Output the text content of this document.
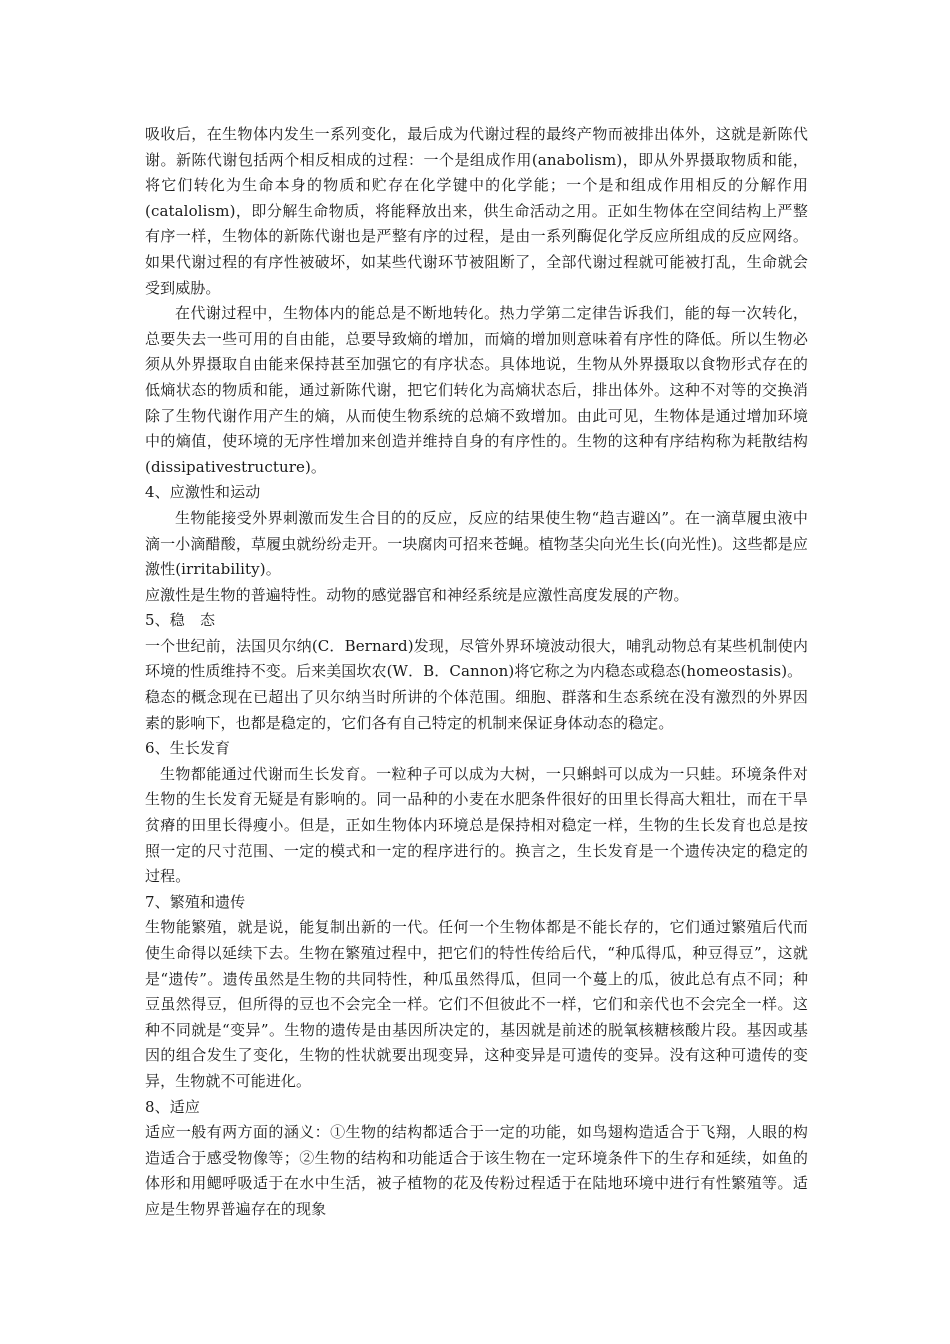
吸收后，在生物体内发生一系列变化，最后成为代谢过程的最终产物而被排出体外，这就是新陈代谢。新陈代谢包括两个相反相成的过程：一个是组成作用(anabolism)，即从外界摄取物质和能，将它们转化为生命本身的物质和贮存在化学键中的化学能；一个是和组成作用相反的分解作用(catalolism)，即分解生命物质，将能释放出来，供生命活动之用。正如生物体在空间结构上严整有序一样，生物体的新陈代谢也是严整有序的过程，是由一系列酶促化学反应所组成的反应网络。如果代谢过程的有序性被破坏，如某些代谢环节被阻断了，全部代谢过程就可能被打乱，生命就会受到威胁。

在代谢过程中，生物体内的能总是不断地转化。热力学第二定律告诉我们，能的每一次转化，总要失去一些可用的自由能，总要导致熵的增加，而熵的增加则意味着有序性的降低。所以生物必须从外界摄取自由能来保持甚至加强它的有序状态。具体地说，生物从外界摄取以食物形式存在的低熵状态的物质和能，通过新陈代谢，把它们转化为高熵状态后，排出体外。这种不对等的交换消除了生物代谢作用产生的熵，从而使生物系统的总熵不致增加。由此可见，生物体是通过增加环境中的熵值，使环境的无序性增加来创造并维持自身的有序性的。生物的这种有序结构称为耗散结构(dissipativestructure)。

4、应激性和运动

生物能接受外界刺激而发生合目的的反应，反应的结果使生物“趋吉避凶”。在一滴草履虫液中滴一小滴醋酸，草履虫就纷纷走开。一块腐肉可招来苍蝇。植物茎尖向光生长(向光性)。这些都是应激性(irritability)。

应激性是生物的普遍特性。动物的感觉器官和神经系统是应激性高度发展的产物。

5、稳　态

一个世纪前，法国贝尔纳(C．Bernard)发现，尽管外界环境波动很大，哺乳动物总有某些机制使内环境的性质维持不变。后来美国坎农(W．B．Cannon)将它称之为内稳态或稳态(homeostasis)。

稳态的概念现在已超出了贝尔纳当时所讲的个体范围。细胞、群落和生态系统在没有激烈的外界因素的影响下，也都是稳定的，它们各有自己特定的机制来保证身体动态的稳定。

6、生长发育

生物都能通过代谢而生长发育。一粒种子可以成为大树，一只蝌蚪可以成为一只蛙。环境条件对生物的生长发育无疑是有影响的。同一品种的小麦在水肥条件很好的田里长得高大粗壮，而在干旱贫瘠的田里长得瘦小。但是，正如生物体内环境总是保持相对稳定一样，生物的生长发育也总是按照一定的尺寸范围、一定的模式和一定的程序进行的。换言之，生长发育是一个遗传决定的稳定的过程。

7、繁殖和遗传

生物能繁殖，就是说，能复制出新的一代。任何一个生物体都是不能长存的，它们通过繁殖后代而使生命得以延续下去。生物在繁殖过程中，把它们的特性传给后代，“种瓜得瓜，种豆得豆”，这就是“遗传”。遗传虽然是生物的共同特性，种瓜虽然得瓜，但同一个蔓上的瓜，彼此总有点不同；种豆虽然得豆，但所得的豆也不会完全一样。它们不但彼此不一样，它们和亲代也不会完全一样。这种不同就是“变异”。生物的遗传是由基因所决定的，基因就是前述的脱氧核糖核酸片段。基因或基因的组合发生了变化，生物的性状就要出现变异，这种变异是可遗传的变异。没有这种可遗传的变异，生物就不可能进化。

8、适应

适应一般有两方面的涵义：①生物的结构都适合于一定的功能，如鸟翅构造适合于飞翔，人眼的构造适合于感受物像等；②生物的结构和功能适合于该生物在一定环境条件下的生存和延续，如鱼的体形和用鳃呼吸适于在水中生活，被子植物的花及传粉过程适于在陆地环境中进行有性繁殖等。适应是生物界普遍存在的现象
